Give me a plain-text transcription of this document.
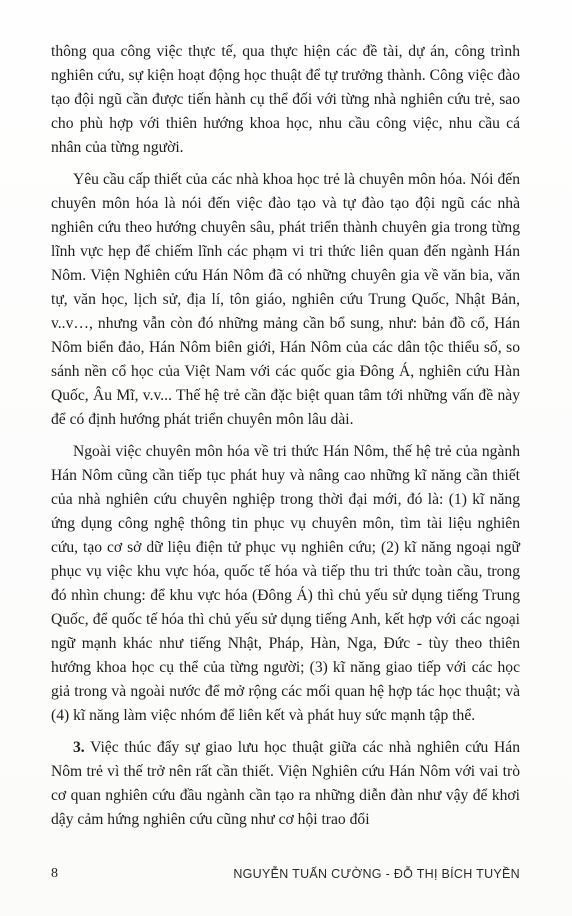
thông qua công việc thực tế, qua thực hiện các đề tài, dự án, công trình nghiên cứu, sự kiện hoạt động học thuật để tự trưởng thành. Công việc đào tạo đội ngũ cần được tiến hành cụ thể đối với từng nhà nghiên cứu trẻ, sao cho phù hợp với thiên hướng khoa học, nhu cầu công việc, nhu cầu cá nhân của từng người.

Yêu cầu cấp thiết của các nhà khoa học trẻ là chuyên môn hóa. Nói đến chuyên môn hóa là nói đến việc đào tạo và tự đào tạo đội ngũ các nhà nghiên cứu theo hướng chuyên sâu, phát triển thành chuyên gia trong từng lĩnh vực hẹp để chiếm lĩnh các phạm vi tri thức liên quan đến ngành Hán Nôm. Viện Nghiên cứu Hán Nôm đã có những chuyên gia về văn bia, văn tự, văn học, lịch sử, địa lí, tôn giáo, nghiên cứu Trung Quốc, Nhật Bản, v..v…, nhưng vẫn còn đó những mảng cần bổ sung, như: bản đồ cổ, Hán Nôm biển đảo, Hán Nôm biên giới, Hán Nôm của các dân tộc thiểu số, so sánh nền cổ học của Việt Nam với các quốc gia Đông Á, nghiên cứu Hàn Quốc, Âu Mĩ, v.v... Thế hệ trẻ cần đặc biệt quan tâm tới những vấn đề này để có định hướng phát triển chuyên môn lâu dài.

Ngoài việc chuyên môn hóa về tri thức Hán Nôm, thế hệ trẻ của ngành Hán Nôm cũng cần tiếp tục phát huy và nâng cao những kĩ năng cần thiết của nhà nghiên cứu chuyên nghiệp trong thời đại mới, đó là: (1) kĩ năng ứng dụng công nghệ thông tin phục vụ chuyên môn, tìm tài liệu nghiên cứu, tạo cơ sở dữ liệu điện tử phục vụ nghiên cứu; (2) kĩ năng ngoại ngữ phục vụ việc khu vực hóa, quốc tế hóa và tiếp thu tri thức toàn cầu, trong đó nhìn chung: để khu vực hóa (Đông Á) thì chủ yếu sử dụng tiếng Trung Quốc, để quốc tế hóa thì chủ yếu sử dụng tiếng Anh, kết hợp với các ngoại ngữ mạnh khác như tiếng Nhật, Pháp, Hàn, Nga, Đức - tùy theo thiên hướng khoa học cụ thể của từng người; (3) kĩ năng giao tiếp với các học giả trong và ngoài nước để mở rộng các mối quan hệ hợp tác học thuật; và (4) kĩ năng làm việc nhóm để liên kết và phát huy sức mạnh tập thể.

3. Việc thúc đẩy sự giao lưu học thuật giữa các nhà nghiên cứu Hán Nôm trẻ vì thế trở nên rất cần thiết. Viện Nghiên cứu Hán Nôm với vai trò cơ quan nghiên cứu đầu ngành cần tạo ra những diễn đàn như vậy để khơi dậy cảm hứng nghiên cứu cũng như cơ hội trao đổi

8	NGUYỄN TUẤN CƯỜNG - ĐỖ THỊ BÍCH TUYỀN
